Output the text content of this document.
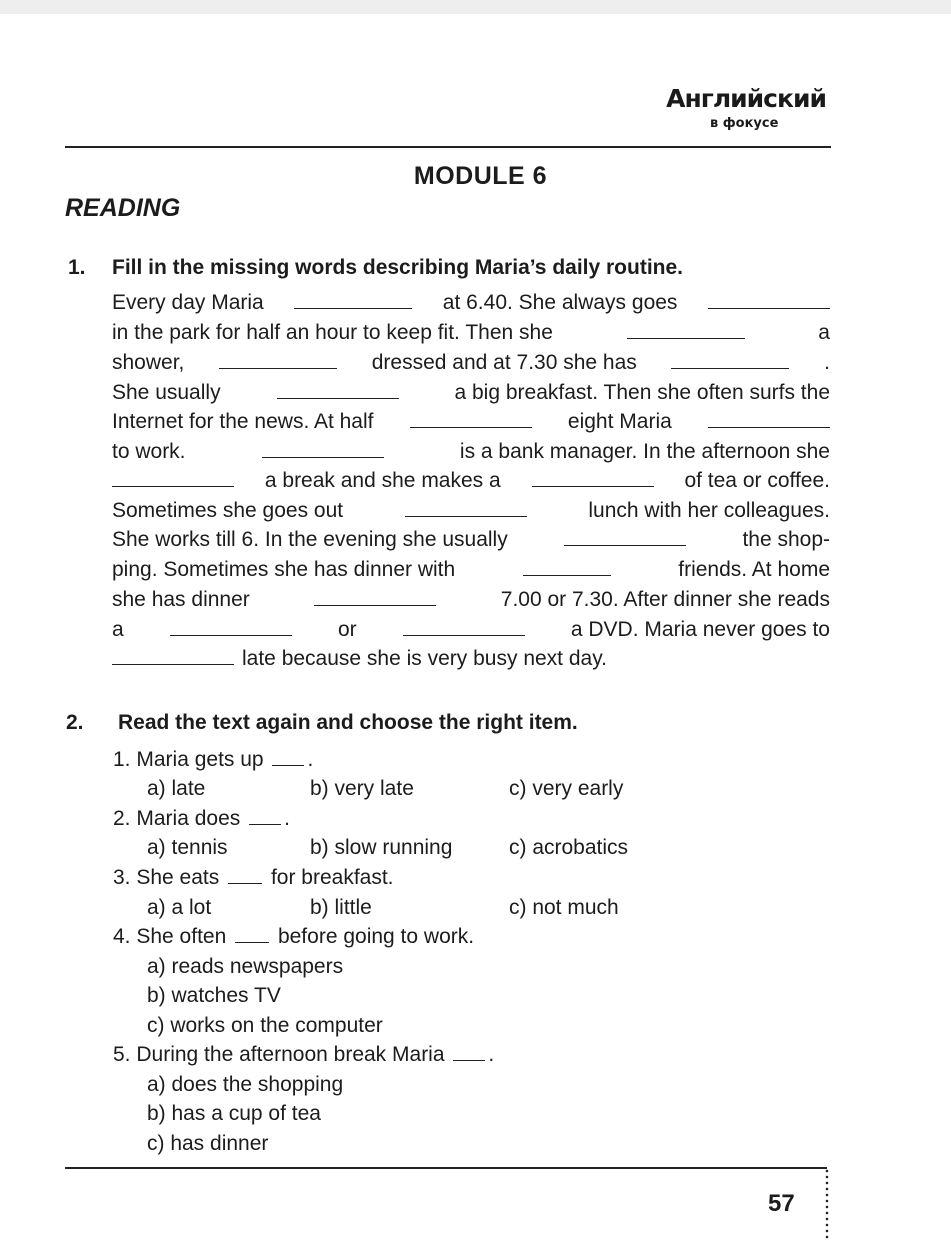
Английский
в фокусе
MODULE 6
READING
1. Fill in the missing words describing Maria’s daily routine.
Every day Maria	at 6.40. She always goes
in the park for half an hour to keep fit. Then she	a
shower,	dressed and at 7.30 she has	.
She usually	a big breakfast. Then she often surfs the
Internet for the news. At half	eight Maria
to work.	is a bank manager. In the afternoon she
a break and she makes a	of tea or coffee.
Sometimes she goes out	lunch with her colleagues.
She works till 6. In the evening she usually	the shop-
ping. Sometimes she has dinner with	friends. At home
she has dinner	7.00 or 7.30. After dinner she reads
a	or	a DVD. Maria never goes to
late because she is very busy next day.
2. Read the text again and choose the right item.
1. Maria gets up .
a) late	b) very late	c) very early
2. Maria does .
a) tennis	b) slow running	c) acrobatics
3. She eats for breakfast.
a) a lot	b) little	c) not much
4. She often before going to work.
a) reads newspapers
b) watches TV
c) works on the computer
5. During the afternoon break Maria .
a) does the shopping
b) has a cup of tea
c) has dinner
57
